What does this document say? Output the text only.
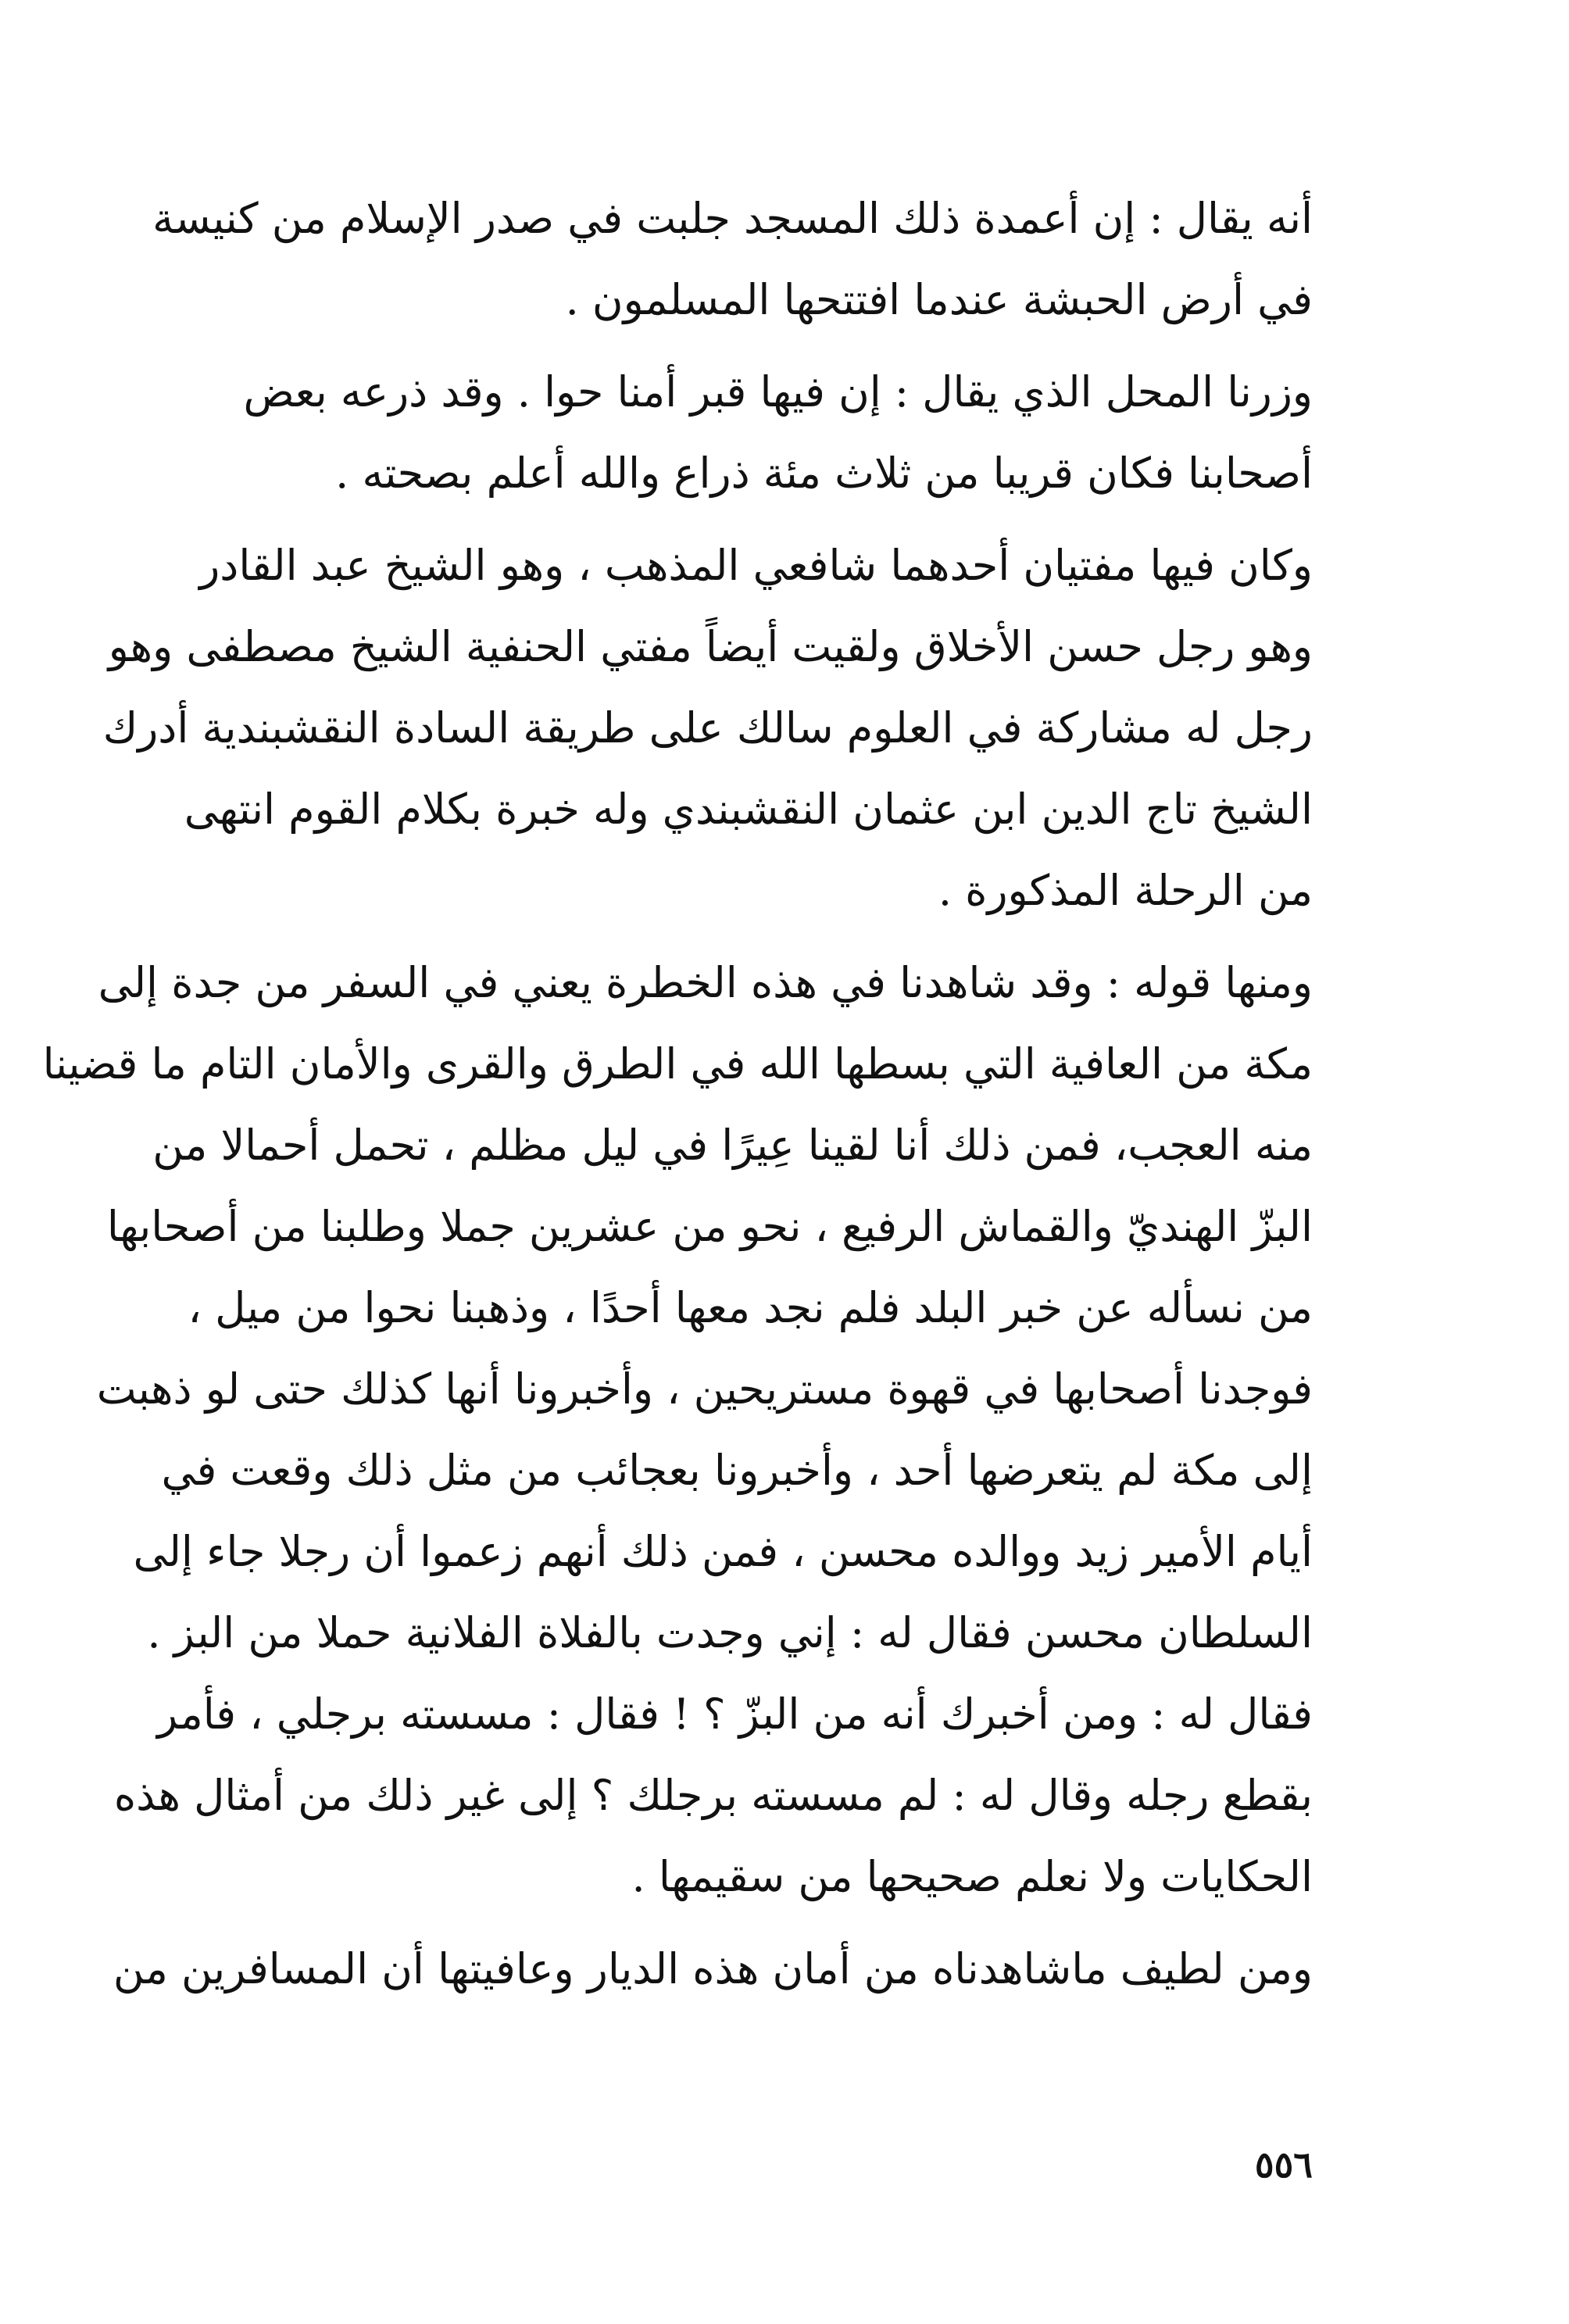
أنه يقال : إن أعمدة ذلك المسجد جلبت في صدر الإسلام من كنيسة
في أرض الحبشة عندما افتتحها المسلمون .
وزرنا المحل الذي يقال : إن فيها قبر أمنا حوا . وقد ذرعه بعض
أصحابنا فكان قريبا من ثلاث مئة ذراع والله أعلم بصحته .
وكان فيها مفتيان أحدهما شافعي المذهب ، وهو الشيخ عبد القادر
وهو رجل حسن الأخلاق ولقيت أيضاً مفتي الحنفية الشيخ مصطفى وهو
رجل له مشاركة في العلوم سالك على طريقة السادة النقشبندية أدرك
الشيخ تاج الدين ابن عثمان النقشبندي وله خبرة بكلام القوم انتهى
من الرحلة المذكورة .
ومنها قوله : وقد شاهدنا في هذه الخطرة يعني في السفر من جدة إلى
مكة من العافية التي بسطها الله في الطرق والقرى والأمان التام ما قضينا
منه العجب، فمن ذلك أنا لقينا عِيرًا في ليل مظلم ، تحمل أحمالا من
البزّ الهنديّ والقماش الرفيع ، نحو من عشرين جملا وطلبنا من أصحابها
من نسأله عن خبر البلد فلم نجد معها أحدًا ، وذهبنا نحوا من ميل ،
فوجدنا أصحابها في قهوة مستريحين ، وأخبرونا أنها كذلك حتى لو ذهبت
إلى مكة لم يتعرضها أحد ، وأخبرونا بعجائب من مثل ذلك وقعت في
أيام الأمير زيد ووالده محسن ، فمن ذلك أنهم زعموا أن رجلا جاء إلى
السلطان محسن فقال له : إني وجدت بالفلاة الفلانية حملا من البز .
فقال له : ومن أخبرك أنه من البزّ ؟ ! فقال : مسسته برجلي ، فأمر
بقطع رجله وقال له : لم مسسته برجلك ؟ إلى غير ذلك من أمثال هذه
الحكايات ولا نعلم صحيحها من سقيمها .
ومن لطيف ماشاهدناه من أمان هذه الديار وعافيتها أن المسافرين من
٥٥٦
